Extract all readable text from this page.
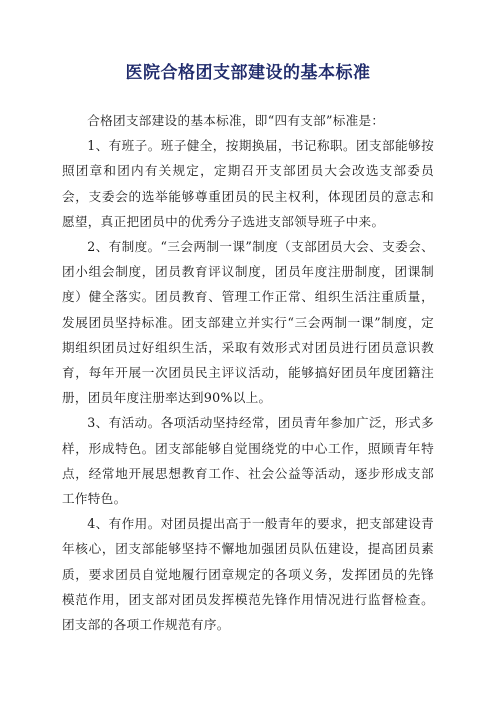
医院合格团支部建设的基本标准

合格团支部建设的基本标准，即“四有支部”标准是：

1、有班子。班子健全，按期换届，书记称职。团支部能够按照团章和团内有关规定，定期召开支部团员大会改选支部委员会，支委会的选举能够尊重团员的民主权利，体现团员的意志和愿望，真正把团员中的优秀分子选进支部领导班子中来。

2、有制度。“三会两制一课”制度（支部团员大会、支委会、团小组会制度，团员教育评议制度，团员年度注册制度，团课制度）健全落实。团员教育、管理工作正常、组织生活注重质量，发展团员坚持标准。团支部建立并实行“三会两制一课”制度，定期组织团员过好组织生活，采取有效形式对团员进行团员意识教育，每年开展一次团员民主评议活动，能够搞好团员年度团籍注册，团员年度注册率达到90%以上。

3、有活动。各项活动坚持经常，团员青年参加广泛，形式多样，形成特色。团支部能够自觉围绕党的中心工作，照顾青年特点，经常地开展思想教育工作、社会公益等活动，逐步形成支部工作特色。

4、有作用。对团员提出高于一般青年的要求，把支部建设青年核心，团支部能够坚持不懈地加强团员队伍建设，提高团员素质，要求团员自觉地履行团章规定的各项义务，发挥团员的先锋模范作用，团支部对团员发挥模范先锋作用情况进行监督检查。团支部的各项工作规范有序。
